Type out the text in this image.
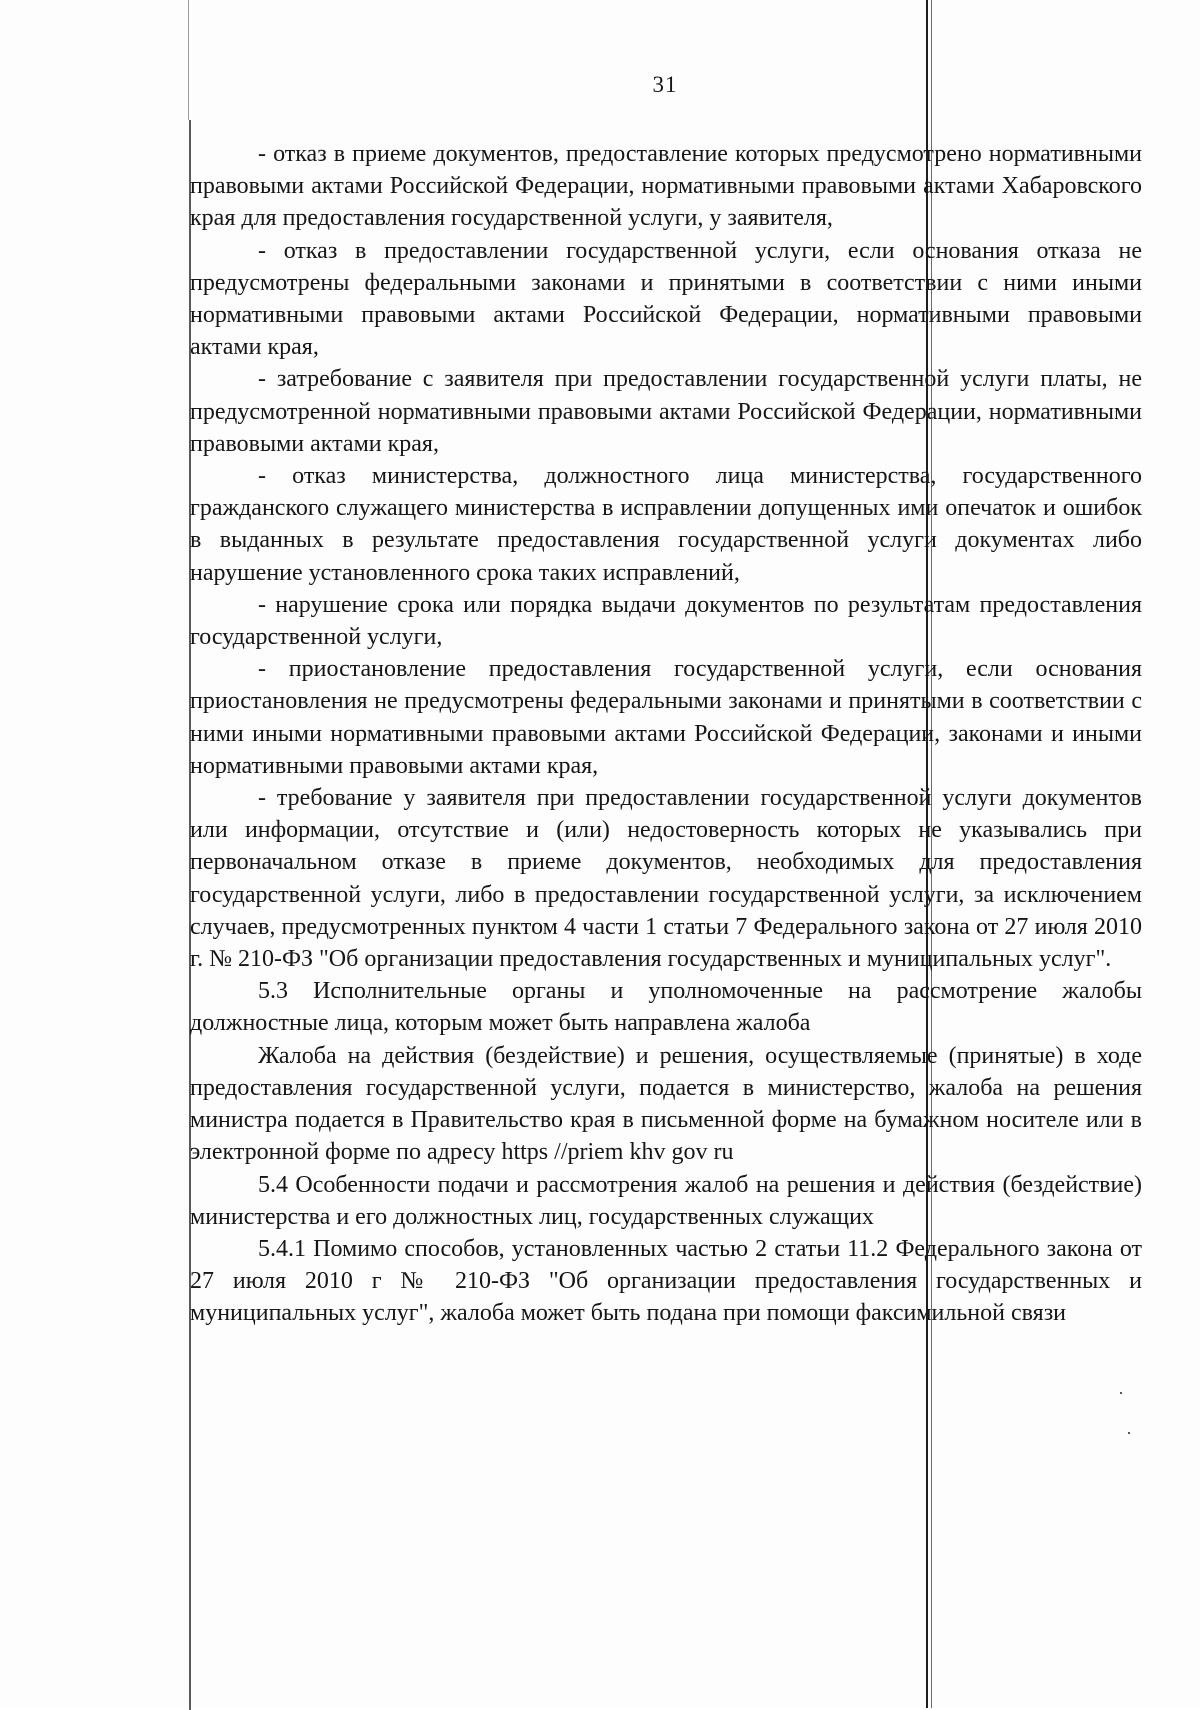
31

- отказ в приеме документов, предоставление которых предусмотрено нормативными правовыми актами Российской Федерации, нормативными правовыми актами Хабаровского края для предоставления государственной услуги, у заявителя,

- отказ в предоставлении государственной услуги, если основания отказа не предусмотрены федеральными законами и принятыми в соответствии с ними иными нормативными правовыми актами Российской Федерации, нормативными правовыми актами края,

- затребование с заявителя при предоставлении государственной услуги платы, не предусмотренной нормативными правовыми актами Российской Федерации, нормативными правовыми актами края,

- отказ министерства, должностного лица министерства, государственного гражданского служащего министерства в исправлении допущенных ими опечаток и ошибок в выданных в результате предоставления государственной услуги документах либо нарушение установленного срока таких исправлений,

- нарушение срока или порядка выдачи документов по результатам предоставления государственной услуги,

- приостановление предоставления государственной услуги, если основания приостановления не предусмотрены федеральными законами и принятыми в соответствии с ними иными нормативными правовыми актами Российской Федерации, законами и иными нормативными правовыми актами края,

- требование у заявителя при предоставлении государственной услуги документов или информации, отсутствие и (или) недостоверность которых не указывались при первоначальном отказе в приеме документов, необходимых для предоставления государственной услуги, либо в предоставлении государственной услуги, за исключением случаев, предусмотренных пунктом 4 части 1 статьи 7 Федерального закона от 27 июля 2010 г. № 210-ФЗ "Об организации предоставления государственных и муниципальных услуг".

5.3 Исполнительные органы и уполномоченные на рассмотрение жалобы должностные лица, которым может быть направлена жалоба

Жалоба на действия (бездействие) и решения, осуществляемые (принятые) в ходе предоставления государственной услуги, подается в министерство, жалоба на решения министра подается в Правительство края в письменной форме на бумажном носителе или в электронной форме по адресу https //priem khv gov ru

5.4 Особенности подачи и рассмотрения жалоб на решения и действия (бездействие) министерства и его должностных лиц, государственных служащих

5.4.1 Помимо способов, установленных частью 2 статьи 11.2 Федерального закона от 27 июля 2010 г № 210-ФЗ "Об организации предоставления государственных и муниципальных услуг", жалоба может быть подана при помощи факсимильной связи
